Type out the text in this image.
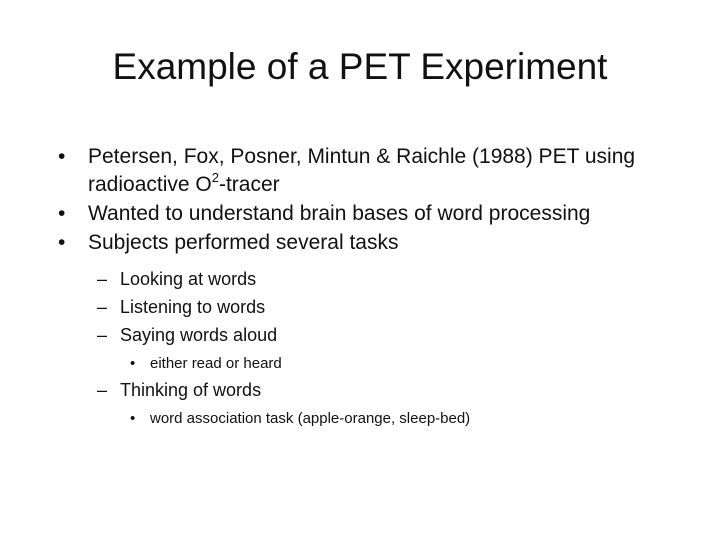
Example of a PET Experiment
•	Petersen, Fox, Posner, Mintun & Raichle (1988) PET using radioactive $O^2$-tracer
•	Wanted to understand brain bases of word processing
•	Subjects performed several tasks
– Looking at words
– Listening to words
– Saying words aloud
• either read or heard
– Thinking of words
• word association task (apple-orange, sleep-bed)
